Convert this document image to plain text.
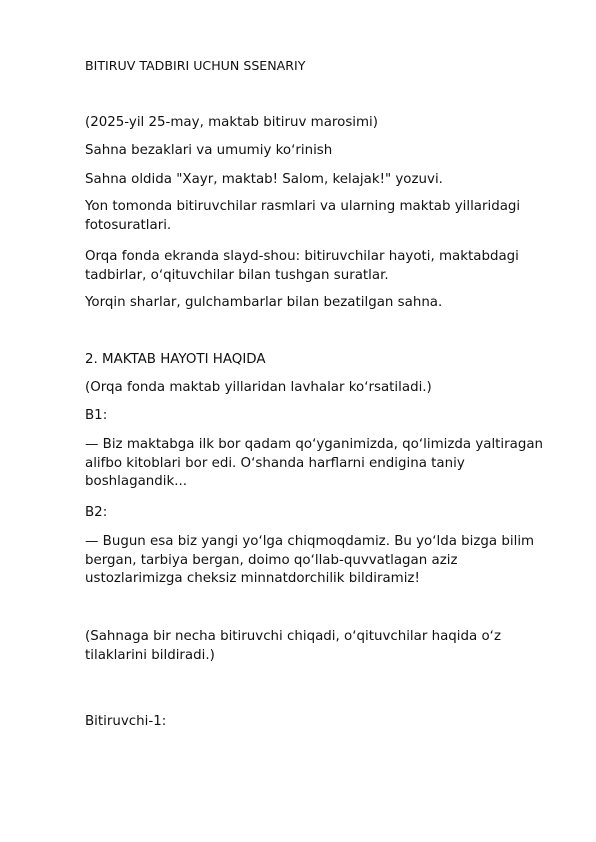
BITIRUV TADBIRI UCHUN SSENARIY

(2025-yil 25-may, maktab bitiruv marosimi)

Sahna bezaklari va umumiy koʻrinish

Sahna oldida "Xayr, maktab! Salom, kelajak!" yozuvi.

Yon tomonda bitiruvchilar rasmlari va ularning maktab yillaridagi fotosuratlari.

Orqa fonda ekranda slayd-shou: bitiruvchilar hayoti, maktabdagi tadbirlar, oʻqituvchilar bilan tushgan suratlar.

Yorqin sharlar, gulchambarlar bilan bezatilgan sahna.

2. MAKTAB HAYOTI HAQIDA

(Orqa fonda maktab yillaridan lavhalar koʻrsatiladi.)

B1:

— Biz maktabga ilk bor qadam qoʻyganimizda, qoʻlimizda yaltiragan alifbo kitoblari bor edi. Oʻshanda harflarni endigina taniy boshlagandik...

B2:

— Bugun esa biz yangi yoʻlga chiqmoqdamiz. Bu yoʻlda bizga bilim bergan, tarbiya bergan, doimo qoʻllab-quvvatlagan aziz ustozlarimizga cheksiz minnatdorchilik bildiramiz!

(Sahnaga bir necha bitiruvchi chiqadi, oʻqituvchilar haqida oʻz tilaklarini bildiradi.)

Bitiruvchi-1:
